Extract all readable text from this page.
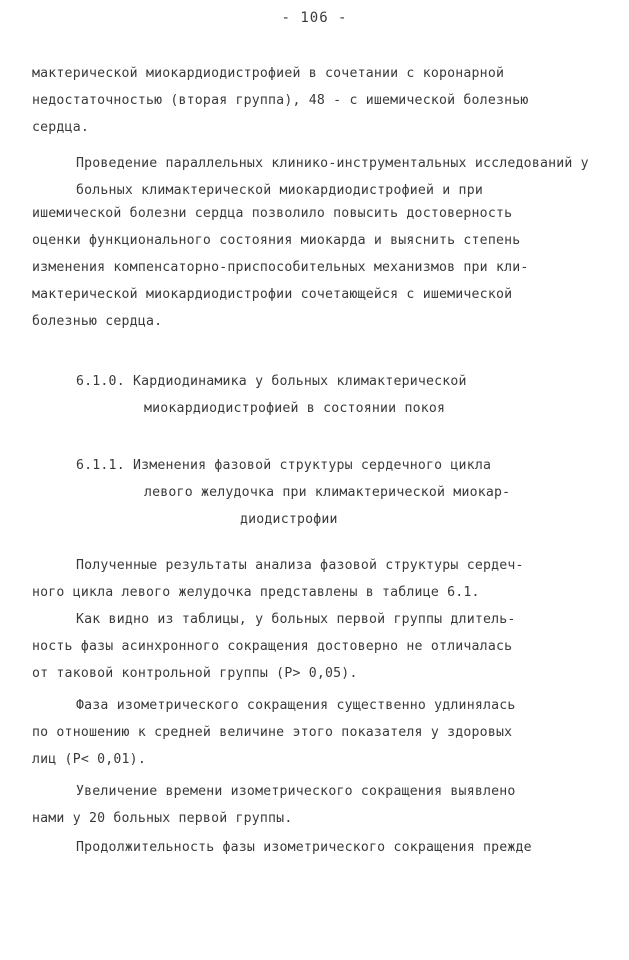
- 106 -
мактерической миокардиодистрофией в сочетании с коронарной
недостаточностью (вторая группа), 48 - с ишемической болезнью
сердца.
Проведение параллельных клинико-инструментальных исследований у больных климактерической миокардиодистрофией и при
ишемической болезни сердца позволило повысить достоверность
оценки функционального состояния миокарда и выяснить степень
изменения компенсаторно-приспособительных механизмов при кли-
мактерической миокардиодистрофии сочетающейся с ишемической
болезнью сердца.
6.1.0. Кардиодинамика у больных климактерической
миокардиодистрофией в состоянии покоя
6.1.1. Изменения фазовой структуры сердечного цикла
левого желудочка при климактерической миокар-
диодистрофии
Полученные результаты анализа фазовой структуры сердеч-
ного цикла левого желудочка представлены в таблице 6.1.
Как видно из таблицы, у больных первой группы длитель-
ность фазы асинхронного сокращения достоверно не отличалась
от таковой контрольной группы (Р> 0,05).
Фаза изометрического сокращения существенно удлинялась
по отношению к средней величине этого показателя у здоровых
лиц (Р< 0,01).
Увеличение времени изометрического сокращения выявлено
нами у 20 больных первой группы.
Продолжительность фазы изометрического сокращения прежде
